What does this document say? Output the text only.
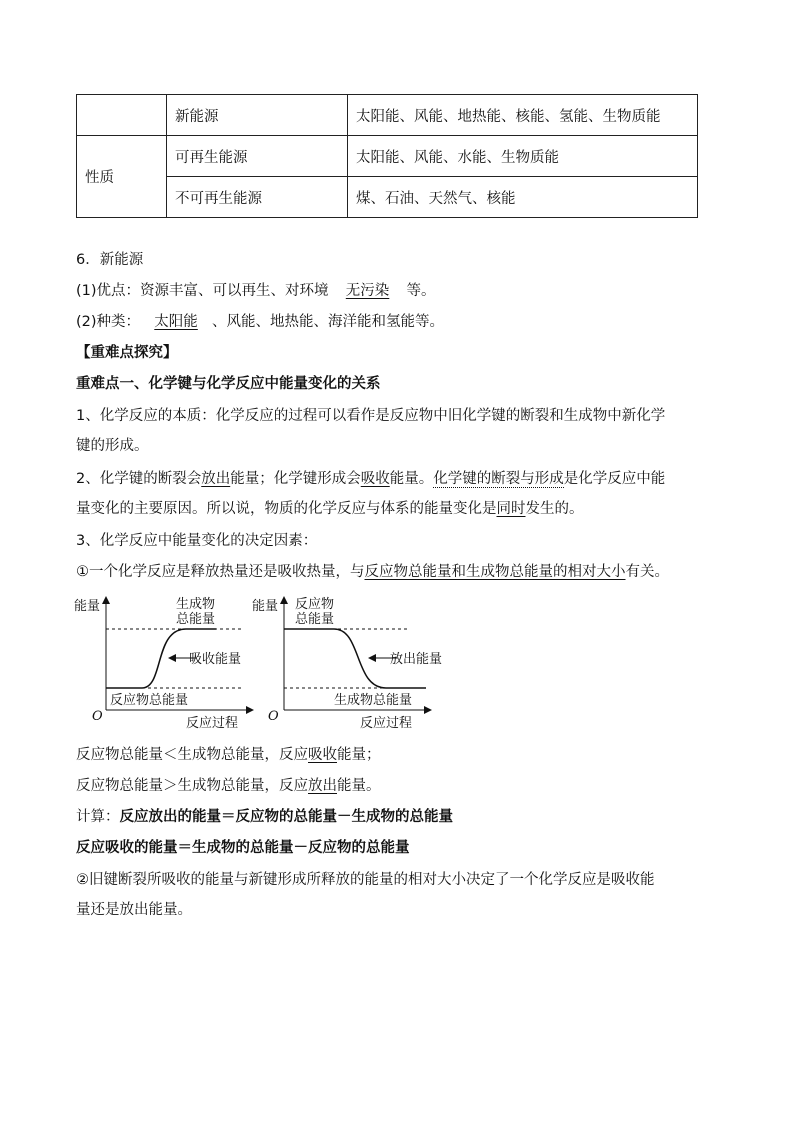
	新能源	太阳能、风能、地热能、核能、氢能、生物质能
性质	可再生能源	太阳能、风能、水能、生物质能
	不可再生能源	煤、石油、天然气、核能
6．新能源
(1)优点：资源丰富、可以再生、对环境 无污染 等。
(2)种类： 太阳能 、风能、地热能、海洋能和氢能等。
【重难点探究】
重难点一、化学键与化学反应中能量变化的关系
1、化学反应的本质：化学反应的过程可以看作是反应物中旧化学键的断裂和生成物中新化学
键的形成。
2、化学键的断裂会放出能量；化学键形成会吸收能量。化学键的断裂与形成是化学反应中能
量变化的主要原因。所以说，物质的化学反应与体系的能量变化是同时发生的。
3、化学反应中能量变化的决定因素：
①一个化学反应是释放热量还是吸收热量，与反应物总能量和生成物总能量的相对大小有关。
能量	生成物
总能量
吸收能量
反应物总能量
O	反应过程
能量 反应物
总能量
放出能量
生成物总能量
O	反应过程
反应物总能量＜生成物总能量，反应吸收能量；
反应物总能量＞生成物总能量，反应放出能量。
计算：反应放出的能量＝反应物的总能量－生成物的总能量
反应吸收的能量＝生成物的总能量－反应物的总能量
②旧键断裂所吸收的能量与新键形成所释放的能量的相对大小决定了一个化学反应是吸收能
量还是放出能量。
